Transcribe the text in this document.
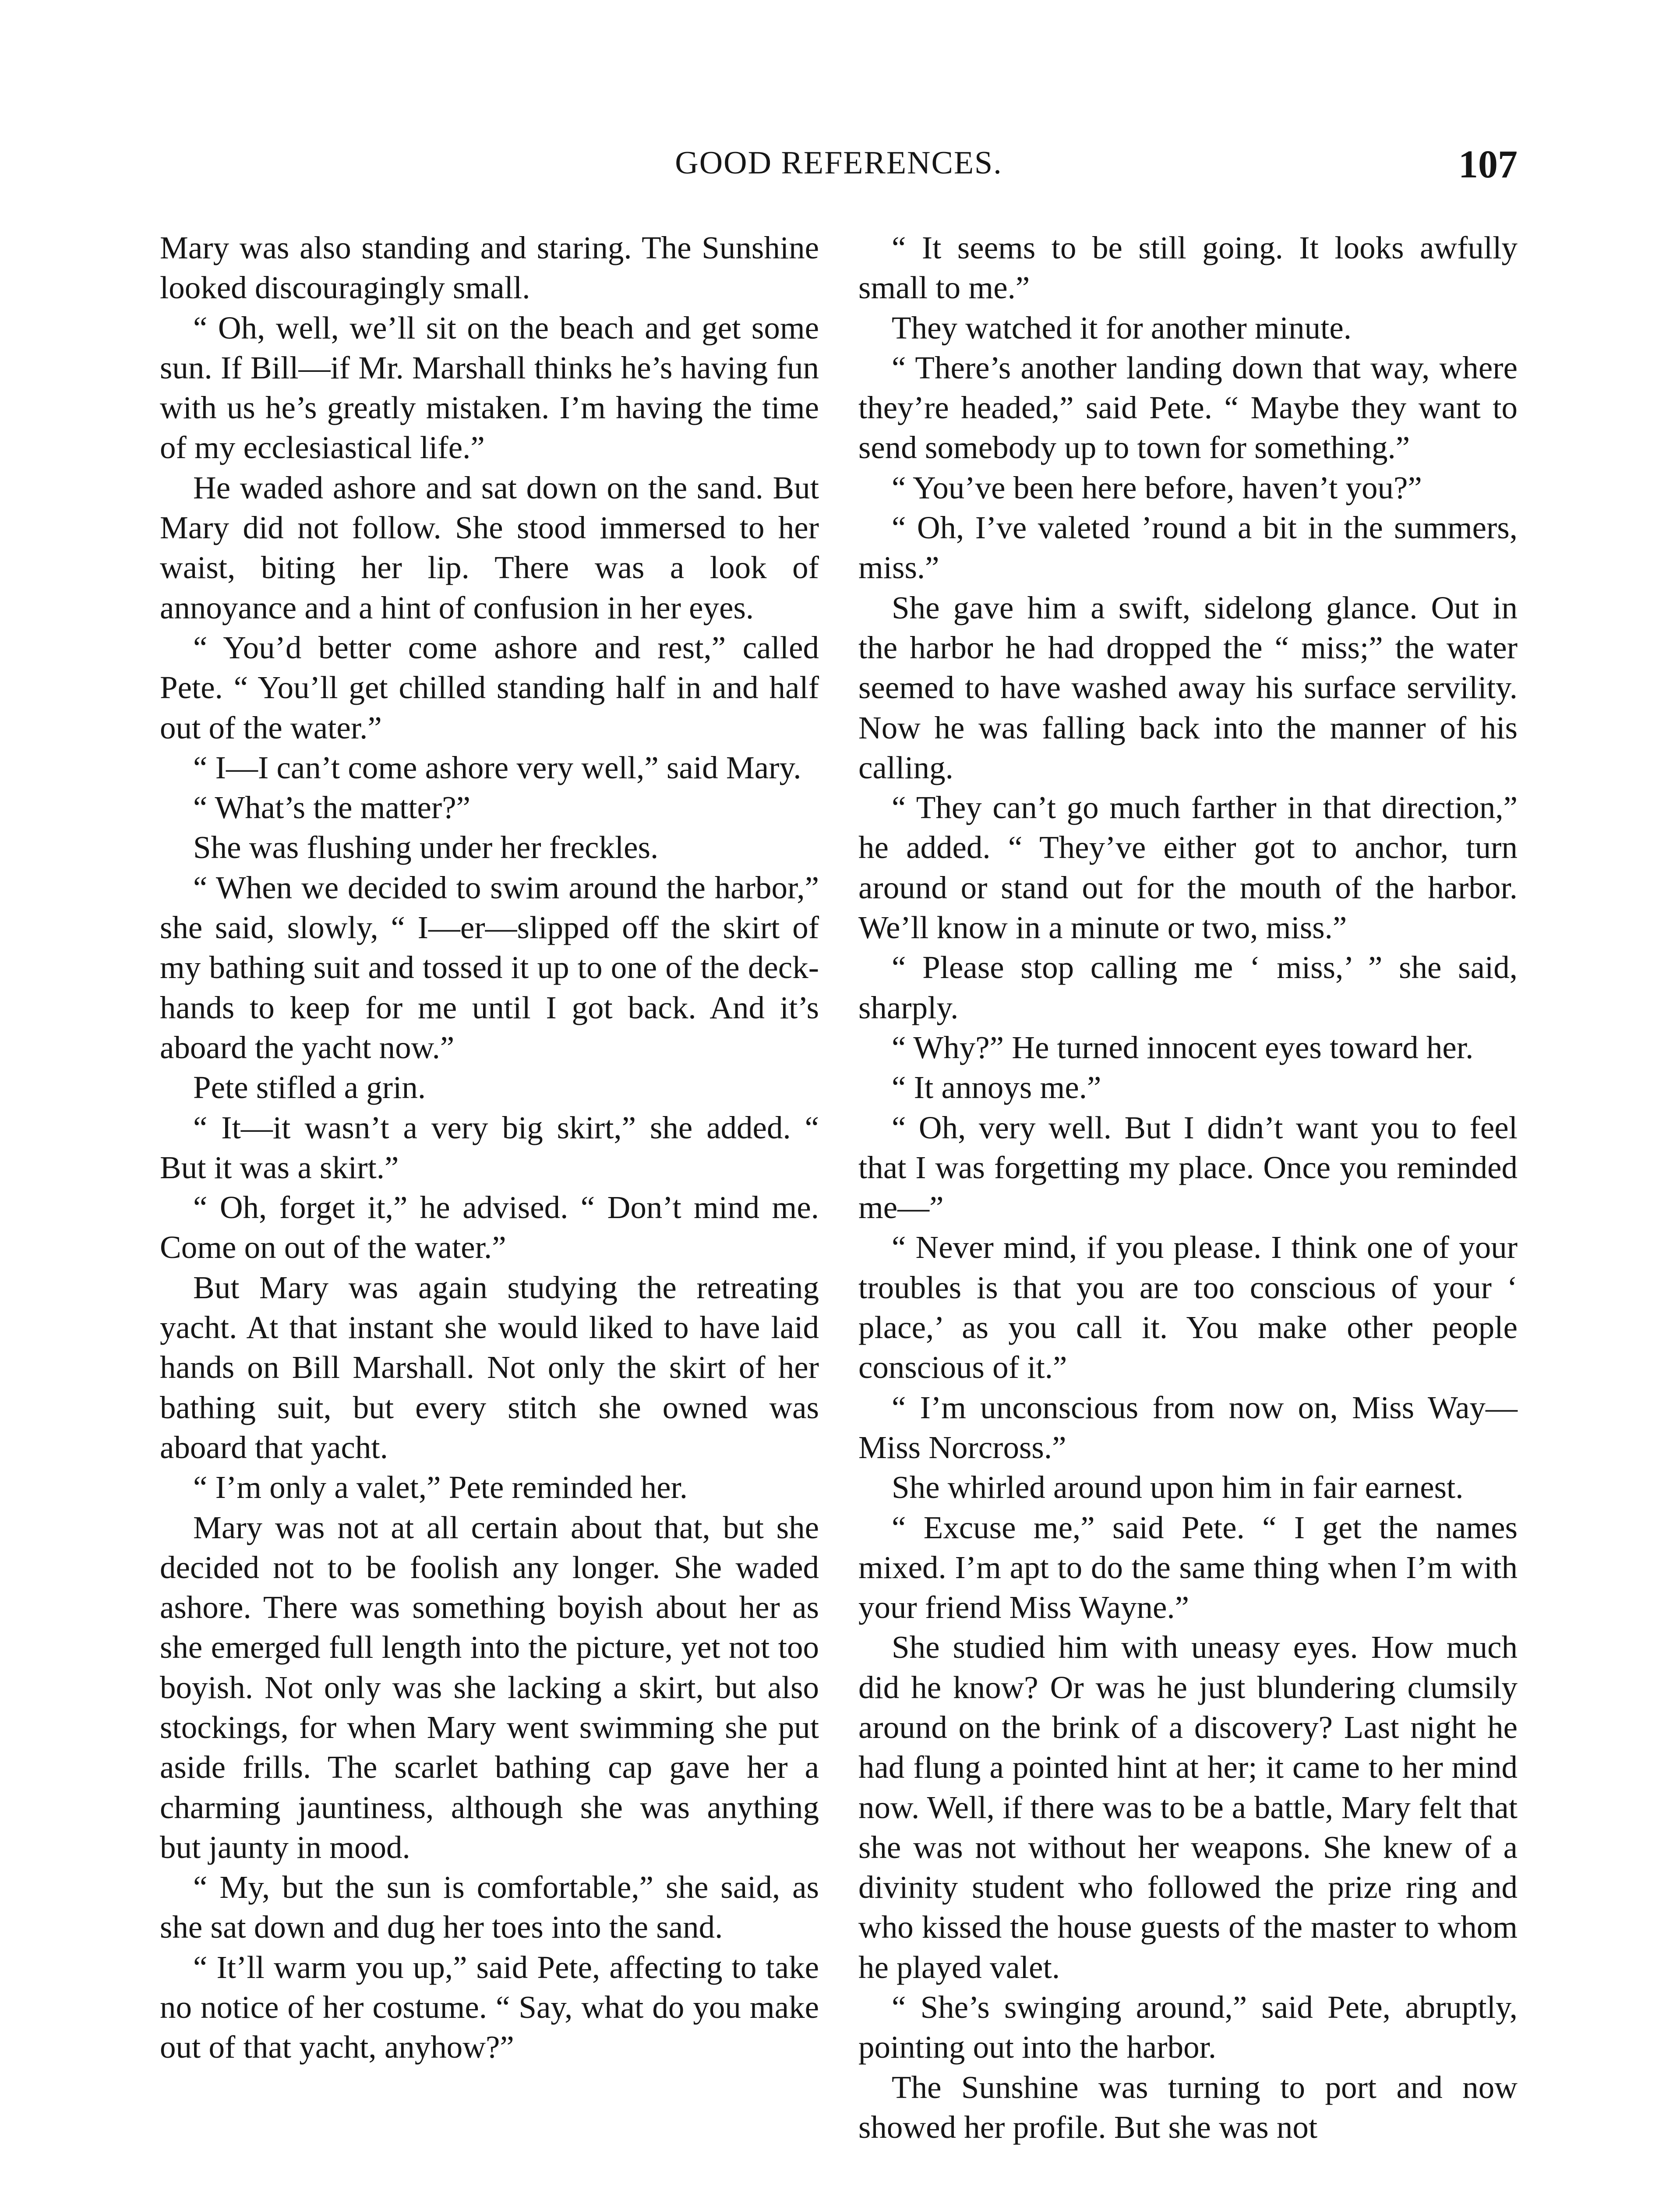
GOOD REFERENCES.	107

Mary was also standing and staring. The Sunshine looked discouragingly small.

“ Oh, well, we’ll sit on the beach and get some sun. If Bill—if Mr. Marshall thinks he’s having fun with us he’s greatly mistaken. I’m having the time of my ecclesiastical life.”

He waded ashore and sat down on the sand. But Mary did not follow. She stood immersed to her waist, biting her lip. There was a look of annoyance and a hint of confusion in her eyes.

“ You’d better come ashore and rest,” called Pete. “ You’ll get chilled standing half in and half out of the water.”

“ I—I can’t come ashore very well,” said Mary.

“ What’s the matter?”

She was flushing under her freckles.

“ When we decided to swim around the harbor,” she said, slowly, “ I—er—slipped off the skirt of my bathing suit and tossed it up to one of the deck-hands to keep for me until I got back. And it’s aboard the yacht now.”

Pete stifled a grin.

“ It—it wasn’t a very big skirt,” she added. “ But it was a skirt.”

“ Oh, forget it,” he advised. “ Don’t mind me. Come on out of the water.”

But Mary was again studying the retreating yacht. At that instant she would liked to have laid hands on Bill Marshall. Not only the skirt of her bathing suit, but every stitch she owned was aboard that yacht.

“ I’m only a valet,” Pete reminded her.

Mary was not at all certain about that, but she decided not to be foolish any longer. She waded ashore. There was something boyish about her as she emerged full length into the picture, yet not too boyish. Not only was she lacking a skirt, but also stockings, for when Mary went swimming she put aside frills. The scarlet bathing cap gave her a charming jauntiness, although she was anything but jaunty in mood.

“ My, but the sun is comfortable,” she said, as she sat down and dug her toes into the sand.

“ It’ll warm you up,” said Pete, affecting to take no notice of her costume. “ Say, what do you make out of that yacht, anyhow?”

“ It seems to be still going. It looks awfully small to me.”

They watched it for another minute.

“ There’s another landing down that way, where they’re headed,” said Pete. “ Maybe they want to send somebody up to town for something.”

“ You’ve been here before, haven’t you?”

“ Oh, I’ve valeted ’round a bit in the summers, miss.”

She gave him a swift, sidelong glance. Out in the harbor he had dropped the “ miss;” the water seemed to have washed away his surface servility. Now he was falling back into the manner of his calling.

“ They can’t go much farther in that direction,” he added. “ They’ve either got to anchor, turn around or stand out for the mouth of the harbor. We’ll know in a minute or two, miss.”

“ Please stop calling me ‘ miss,’ ” she said, sharply.

“ Why?” He turned innocent eyes toward her.

“ It annoys me.”

“ Oh, very well. But I didn’t want you to feel that I was forgetting my place. Once you reminded me—”

“ Never mind, if you please. I think one of your troubles is that you are too conscious of your ‘ place,’ as you call it. You make other people conscious of it.”

“ I’m unconscious from now on, Miss Way—Miss Norcross.”

She whirled around upon him in fair earnest.

“ Excuse me,” said Pete. “ I get the names mixed. I’m apt to do the same thing when I’m with your friend Miss Wayne.”

She studied him with uneasy eyes. How much did he know? Or was he just blundering clumsily around on the brink of a discovery? Last night he had flung a pointed hint at her; it came to her mind now. Well, if there was to be a battle, Mary felt that she was not without her weapons. She knew of a divinity student who followed the prize ring and who kissed the house guests of the master to whom he played valet.

“ She’s swinging around,” said Pete, abruptly, pointing out into the harbor.

The Sunshine was turning to port and now showed her profile. But she was not
